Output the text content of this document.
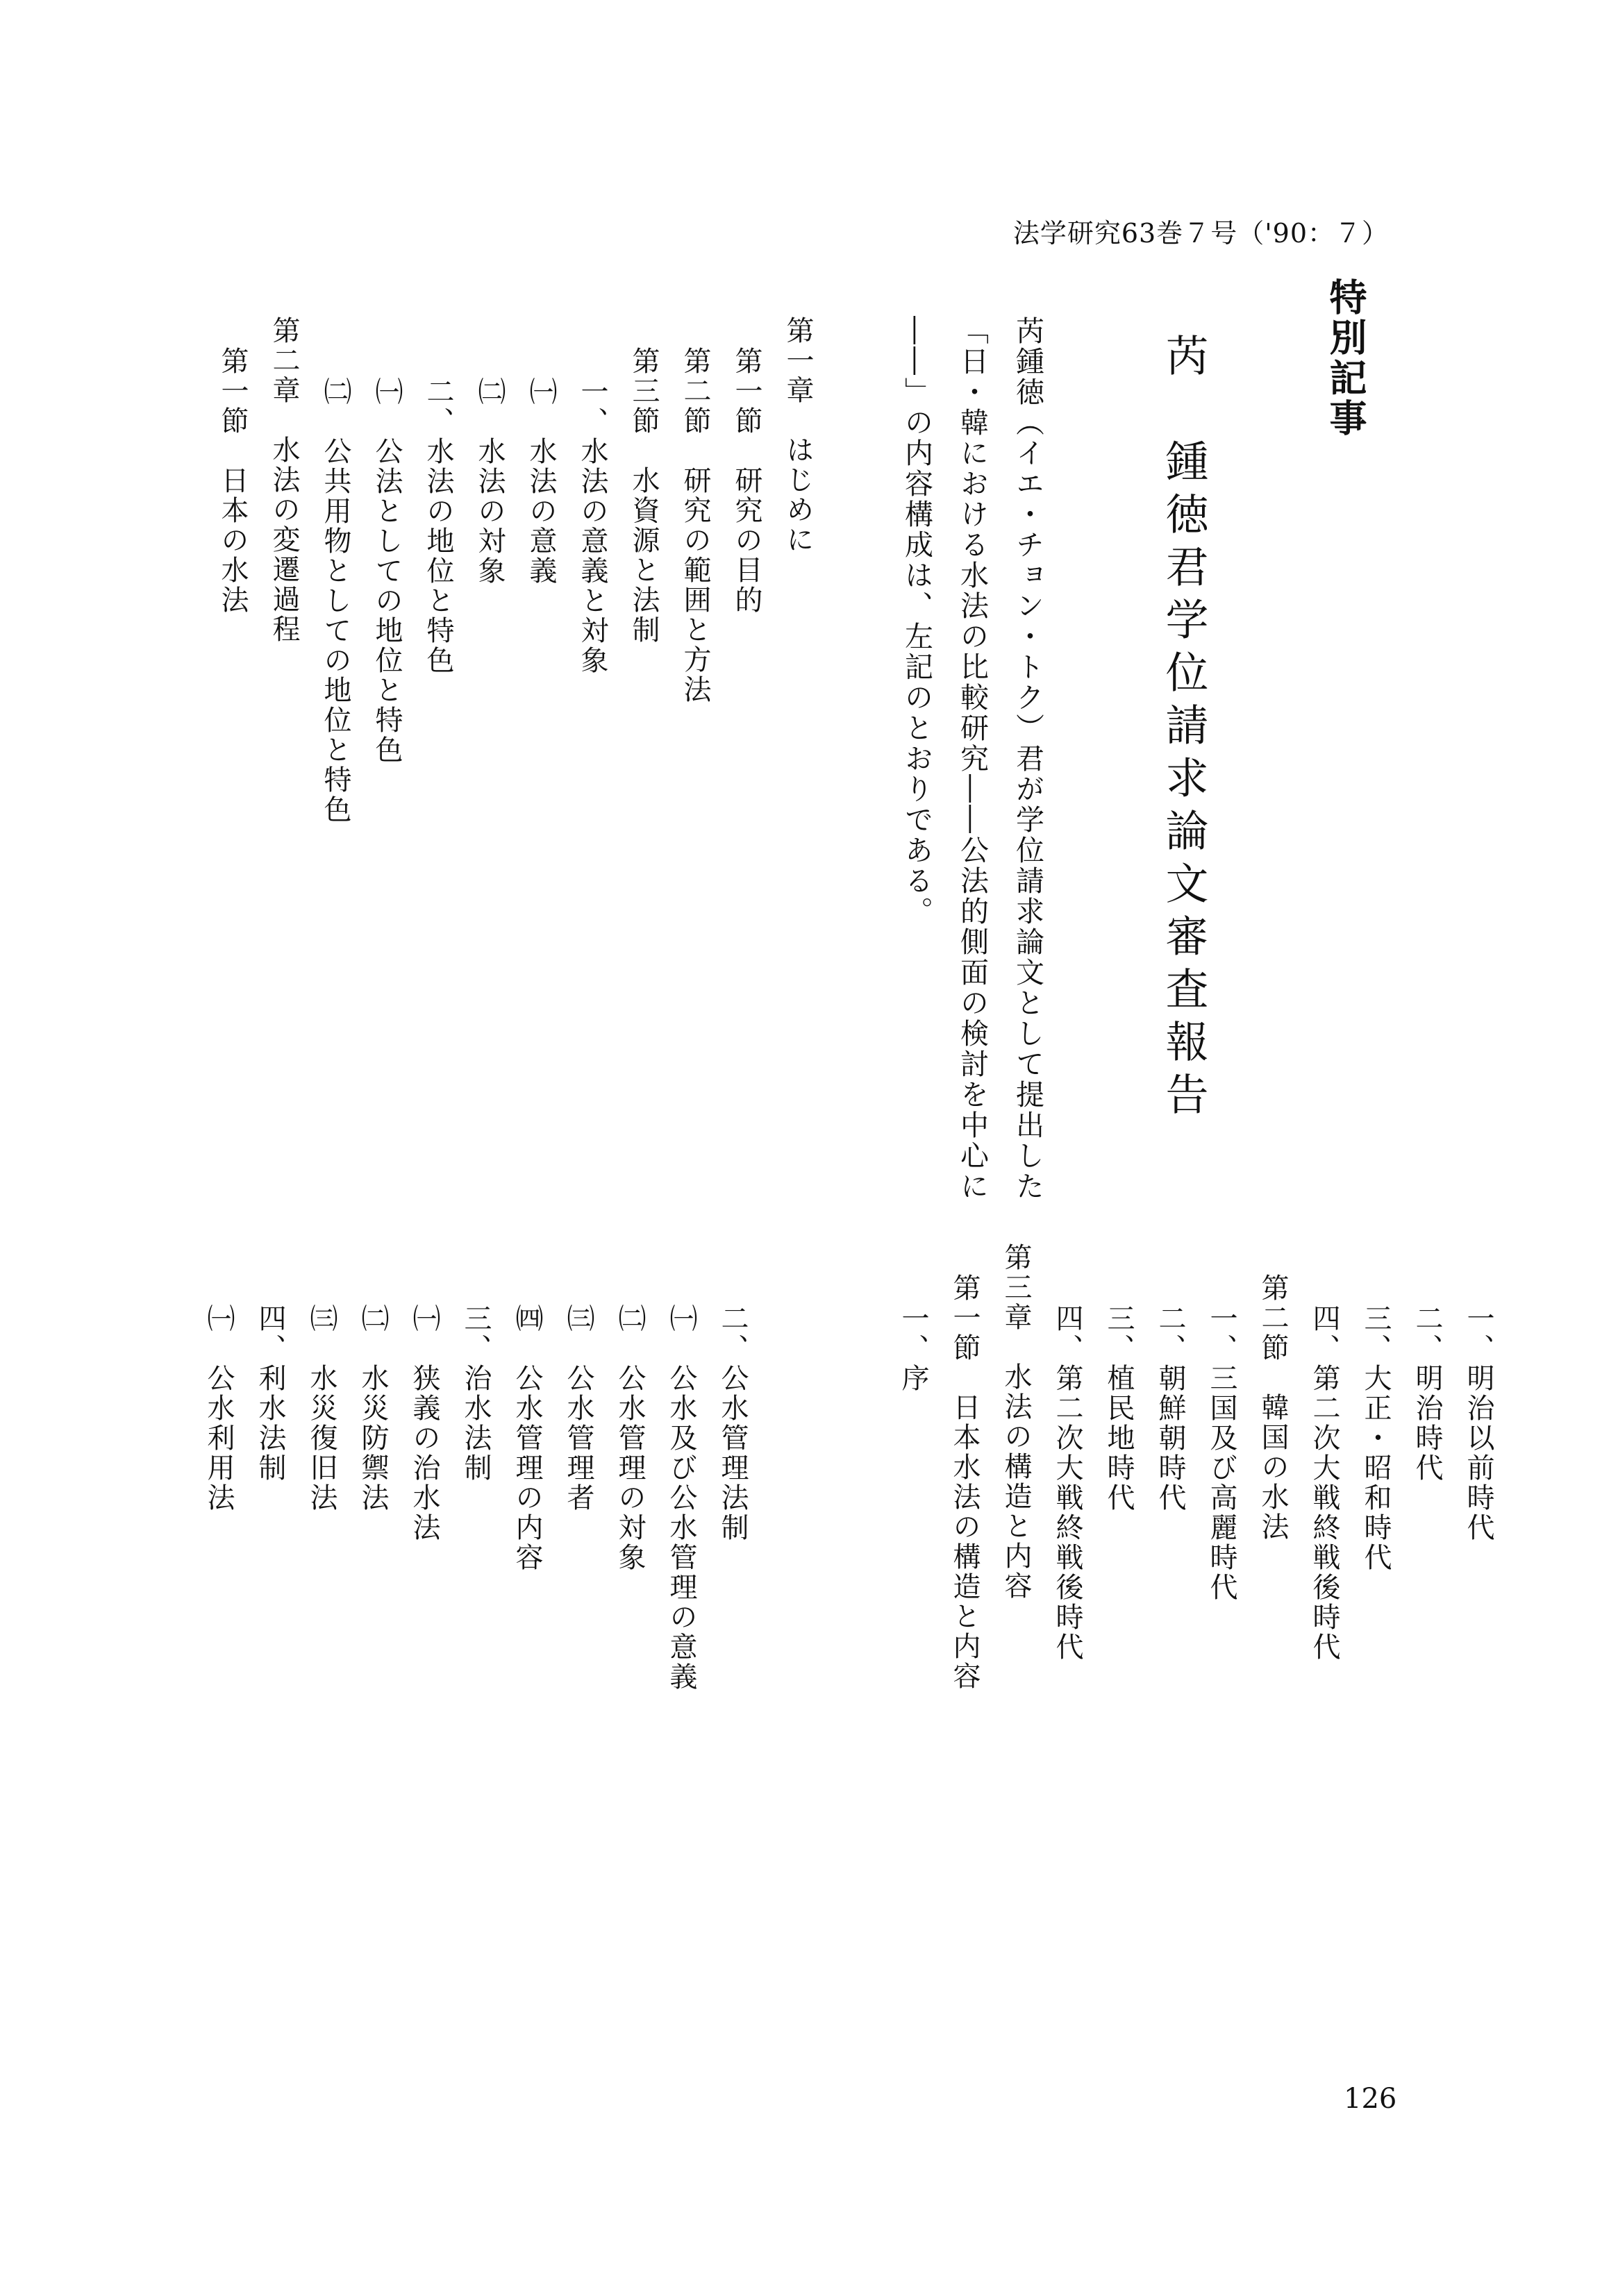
法学研究63巻７号（'90：７）
特別記事
芮　鍾徳君学位請求論文審査報告
芮鍾徳（イエ・チョン・トク）君が学位請求論文として提出した「日・韓における水法の比較研究――公法的側面の検討を中心に――」の内容構成は、左記のとおりである。
第一章　はじめに
第一節　研究の目的
第二節　研究の範囲と方法
第三節　水資源と法制
一、水法の意義と対象
㈠　水法の意義
㈡　水法の対象
二、水法の地位と特色
㈠　公法としての地位と特色
㈡　公共用物としての地位と特色
第二章　水法の変遷過程
第一節　日本の水法
一、明治以前時代
二、明治時代
三、大正・昭和時代
四、第二次大戦終戦後時代
第二節　韓国の水法
一、三国及び高麗時代
二、朝鮮朝時代
三、植民地時代
四、第二次大戦終戦後時代
第三章　水法の構造と内容
第一節　日本水法の構造と内容
一、序
二、公水管理法制
㈠　公水及び公水管理の意義
㈡　公水管理の対象
㈢　公水管理者
㈣　公水管理の内容
三、治水法制
㈠　狭義の治水法
㈡　水災防禦法
㈢　水災復旧法
四、利水法制
㈠　公水利用法
126
